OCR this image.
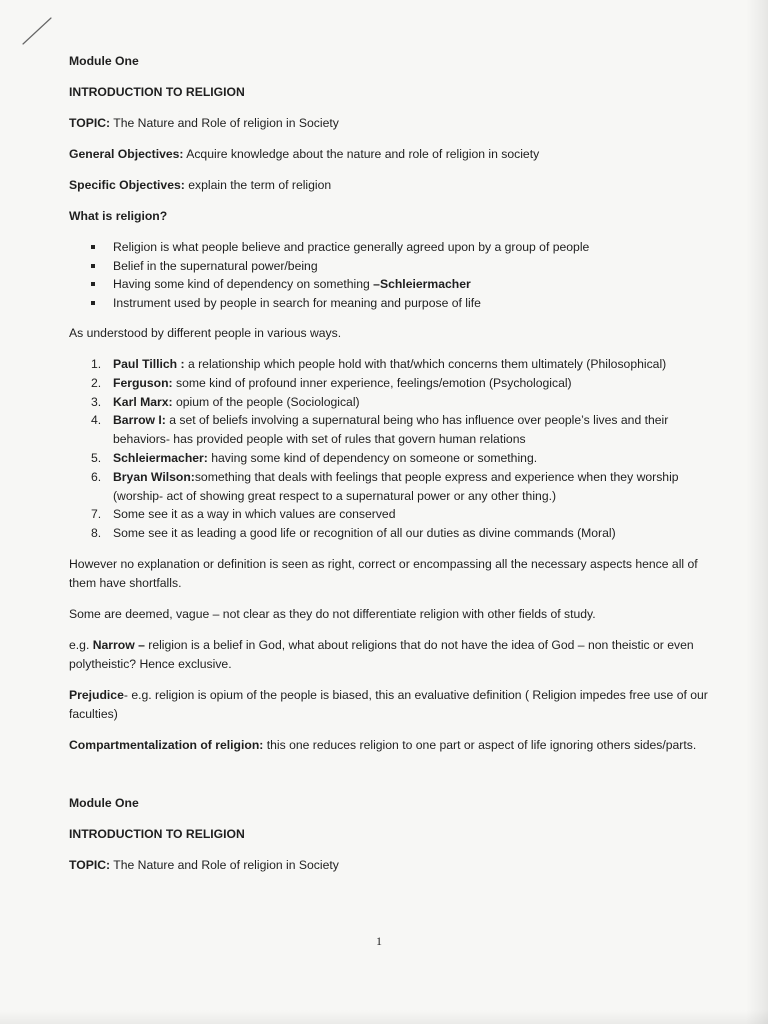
Module One

INTRODUCTION TO RELIGION

TOPIC: The Nature and Role of religion in Society

General Objectives: Acquire knowledge about the nature and role of religion in society

Specific Objectives: explain the term of religion

What is religion?

Religion is what people believe and practice generally agreed upon by a group of people
Belief in the supernatural power/being
Having some kind of dependency on something –Schleiermacher
Instrument used by people in search for meaning and purpose of life

As understood by different people in various ways.

1. Paul Tillich : a relationship which people hold with that/which concerns them ultimately (Philosophical)
2. Ferguson: some kind of profound inner experience, feelings/emotion (Psychological)
3. Karl Marx: opium of the people (Sociological)
4. Barrow I: a set of beliefs involving a supernatural being who has influence over people’s lives and their behaviors- has provided people with set of rules that govern human relations
5. Schleiermacher: having some kind of dependency on someone or something.
6. Bryan Wilson:something that deals with feelings that people express and experience when they worship (worship- act of showing great respect to a supernatural power or any other thing.)
7. Some see it as a way in which values are conserved
8. Some see it as leading a good life or recognition of all our duties as divine commands (Moral)

However no explanation or definition is seen as right, correct or encompassing all the necessary aspects hence all of them have shortfalls.

Some are deemed, vague – not clear as they do not differentiate religion with other fields of study.

e.g. Narrow – religion is a belief in God, what about religions that do not have the idea of God – non theistic or even polytheistic? Hence exclusive.

Prejudice- e.g. religion is opium of the people is biased, this an evaluative definition ( Religion impedes free use of our faculties)

Compartmentalization of religion: this one reduces religion to one part or aspect of life ignoring others sides/parts.

Module One

INTRODUCTION TO RELIGION

TOPIC: The Nature and Role of religion in Society

1
